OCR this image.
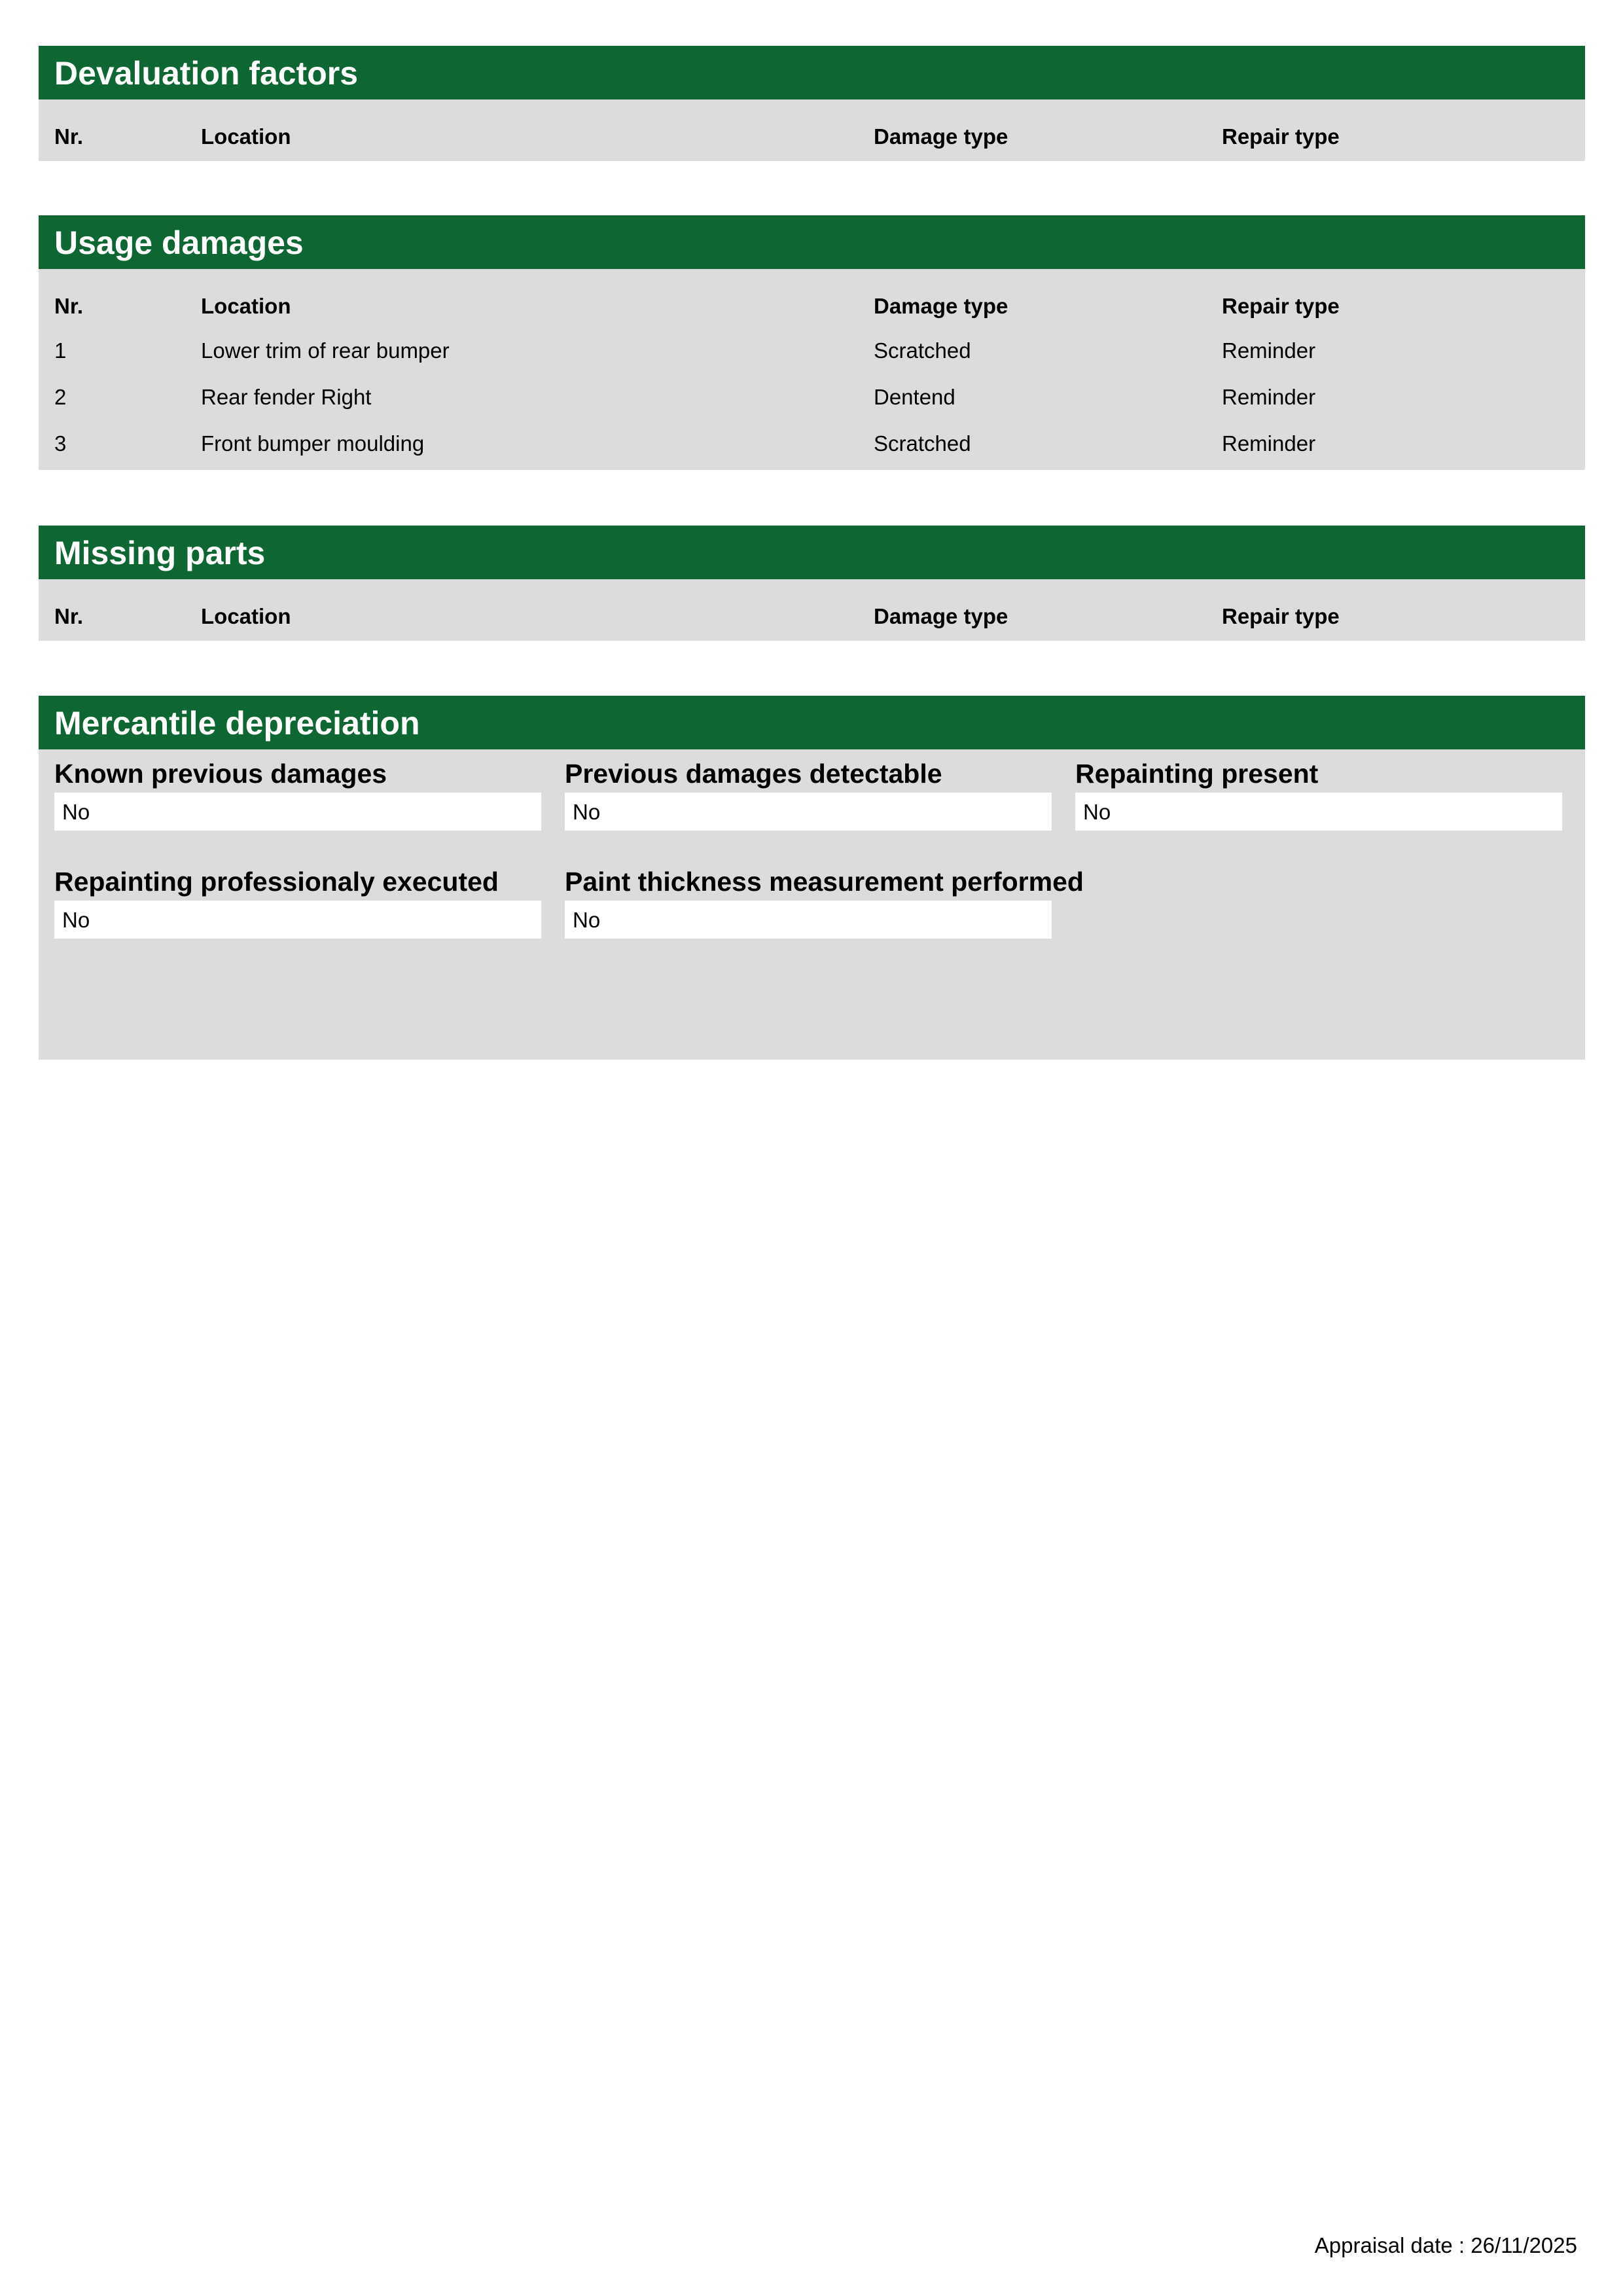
Devaluation factors
Nr.	Location	Damage type	Repair type
Usage damages
Nr.	Location	Damage type	Repair type
1	Lower trim of rear bumper	Scratched	Reminder
2	Rear fender Right	Dentend	Reminder
3	Front bumper moulding	Scratched	Reminder
Missing parts
Nr.	Location	Damage type	Repair type
Mercantile depreciation
Known previous damages
No
Previous damages detectable
No
Repainting present
No
Repainting professionaly executed
No
Paint thickness measurement performed
No
Appraisal date : 26/11/2025
